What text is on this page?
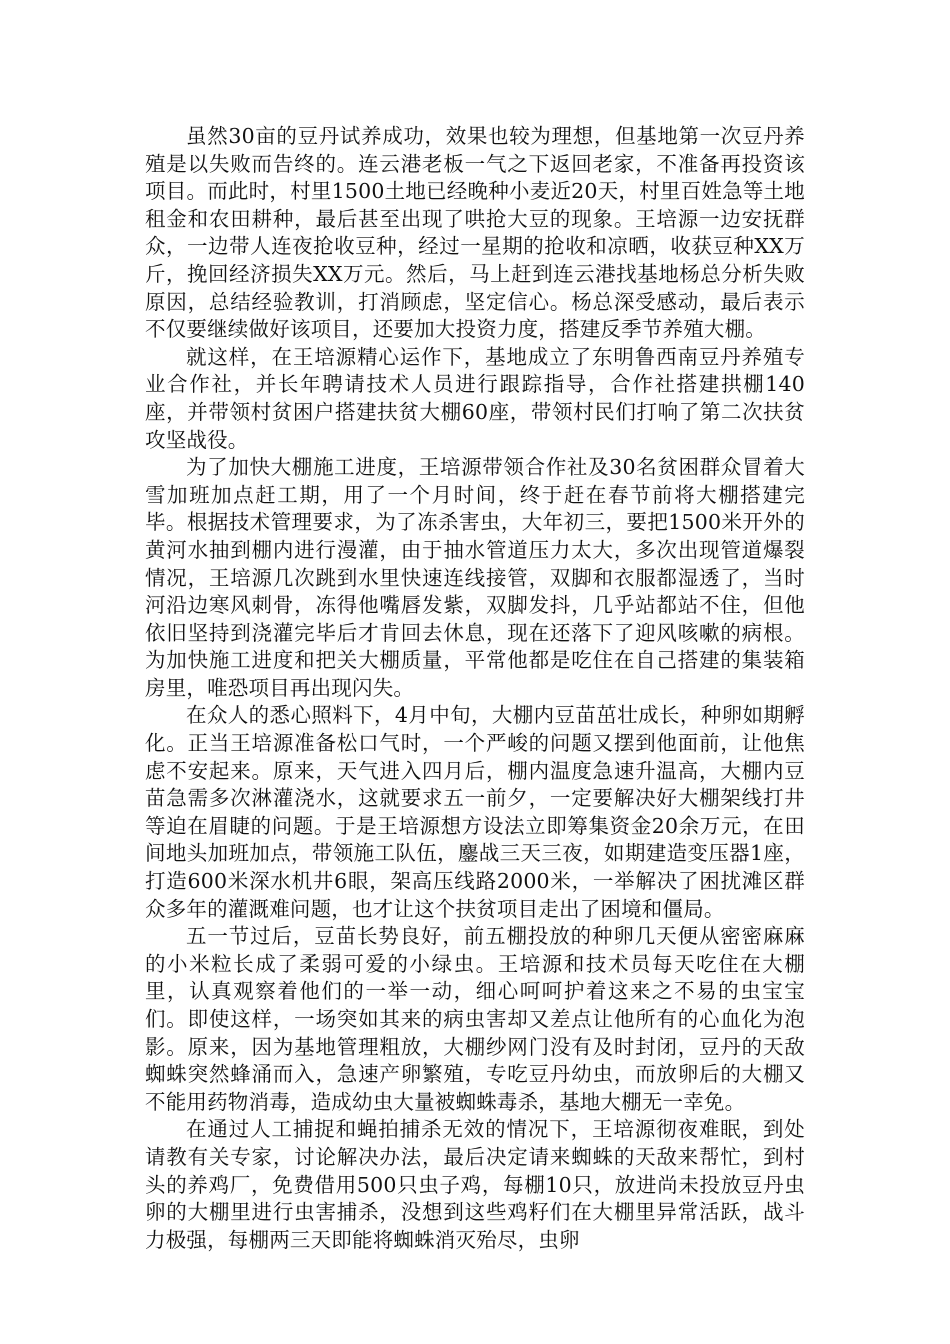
虽然30亩的豆丹试养成功，效果也较为理想，但基地第一次豆丹养殖是以失败而告终的。连云港老板一气之下返回老家，不准备再投资该项目。而此时，村里1500土地已经晚种小麦近20天，村里百姓急等土地租金和农田耕种，最后甚至出现了哄抢大豆的现象。王培源一边安抚群众，一边带人连夜抢收豆种，经过一星期的抢收和凉晒，收获豆种XX万斤，挽回经济损失XX万元。然后，马上赶到连云港找基地杨总分析失败原因，总结经验教训，打消顾虑，坚定信心。杨总深受感动，最后表示不仅要继续做好该项目，还要加大投资力度，搭建反季节养殖大棚。

就这样，在王培源精心运作下，基地成立了东明鲁西南豆丹养殖专业合作社，并长年聘请技术人员进行跟踪指导，合作社搭建拱棚140座，并带领村贫困户搭建扶贫大棚60座，带领村民们打响了第二次扶贫攻坚战役。

为了加快大棚施工进度，王培源带领合作社及30名贫困群众冒着大雪加班加点赶工期，用了一个月时间，终于赶在春节前将大棚搭建完毕。根据技术管理要求，为了冻杀害虫，大年初三，要把1500米开外的黄河水抽到棚内进行漫灌，由于抽水管道压力太大，多次出现管道爆裂情况，王培源几次跳到水里快速连线接管，双脚和衣服都湿透了，当时河沿边寒风刺骨，冻得他嘴唇发紫，双脚发抖，几乎站都站不住，但他依旧坚持到浇灌完毕后才肯回去休息，现在还落下了迎风咳嗽的病根。为加快施工进度和把关大棚质量，平常他都是吃住在自己搭建的集装箱房里，唯恐项目再出现闪失。

在众人的悉心照料下，4月中旬，大棚内豆苗茁壮成长，种卵如期孵化。正当王培源准备松口气时，一个严峻的问题又摆到他面前，让他焦虑不安起来。原来，天气进入四月后，棚内温度急速升温高，大棚内豆苗急需多次淋灌浇水，这就要求五一前夕，一定要解决好大棚架线打井等迫在眉睫的问题。于是王培源想方设法立即筹集资金20余万元，在田间地头加班加点，带领施工队伍，鏖战三天三夜，如期建造变压器1座，打造600米深水机井6眼，架高压线路2000米，一举解决了困扰滩区群众多年的灌溉难问题，也才让这个扶贫项目走出了困境和僵局。

五一节过后，豆苗长势良好，前五棚投放的种卵几天便从密密麻麻的小米粒长成了柔弱可爱的小绿虫。王培源和技术员每天吃住在大棚里，认真观察着他们的一举一动，细心呵呵护着这来之不易的虫宝宝们。即使这样，一场突如其来的病虫害却又差点让他所有的心血化为泡影。原来，因为基地管理粗放，大棚纱网门没有及时封闭，豆丹的天敌蜘蛛突然蜂涌而入，急速产卵繁殖，专吃豆丹幼虫，而放卵后的大棚又不能用药物消毒，造成幼虫大量被蜘蛛毒杀，基地大棚无一幸免。

在通过人工捕捉和蝇拍捕杀无效的情况下，王培源彻夜难眠，到处请教有关专家，讨论解决办法，最后决定请来蜘蛛的天敌来帮忙，到村头的养鸡厂，免费借用500只虫子鸡，每棚10只，放进尚未投放豆丹虫卵的大棚里进行虫害捕杀，没想到这些鸡籽们在大棚里异常活跃，战斗力极强，每棚两三天即能将蜘蛛消灭殆尽，虫卵
